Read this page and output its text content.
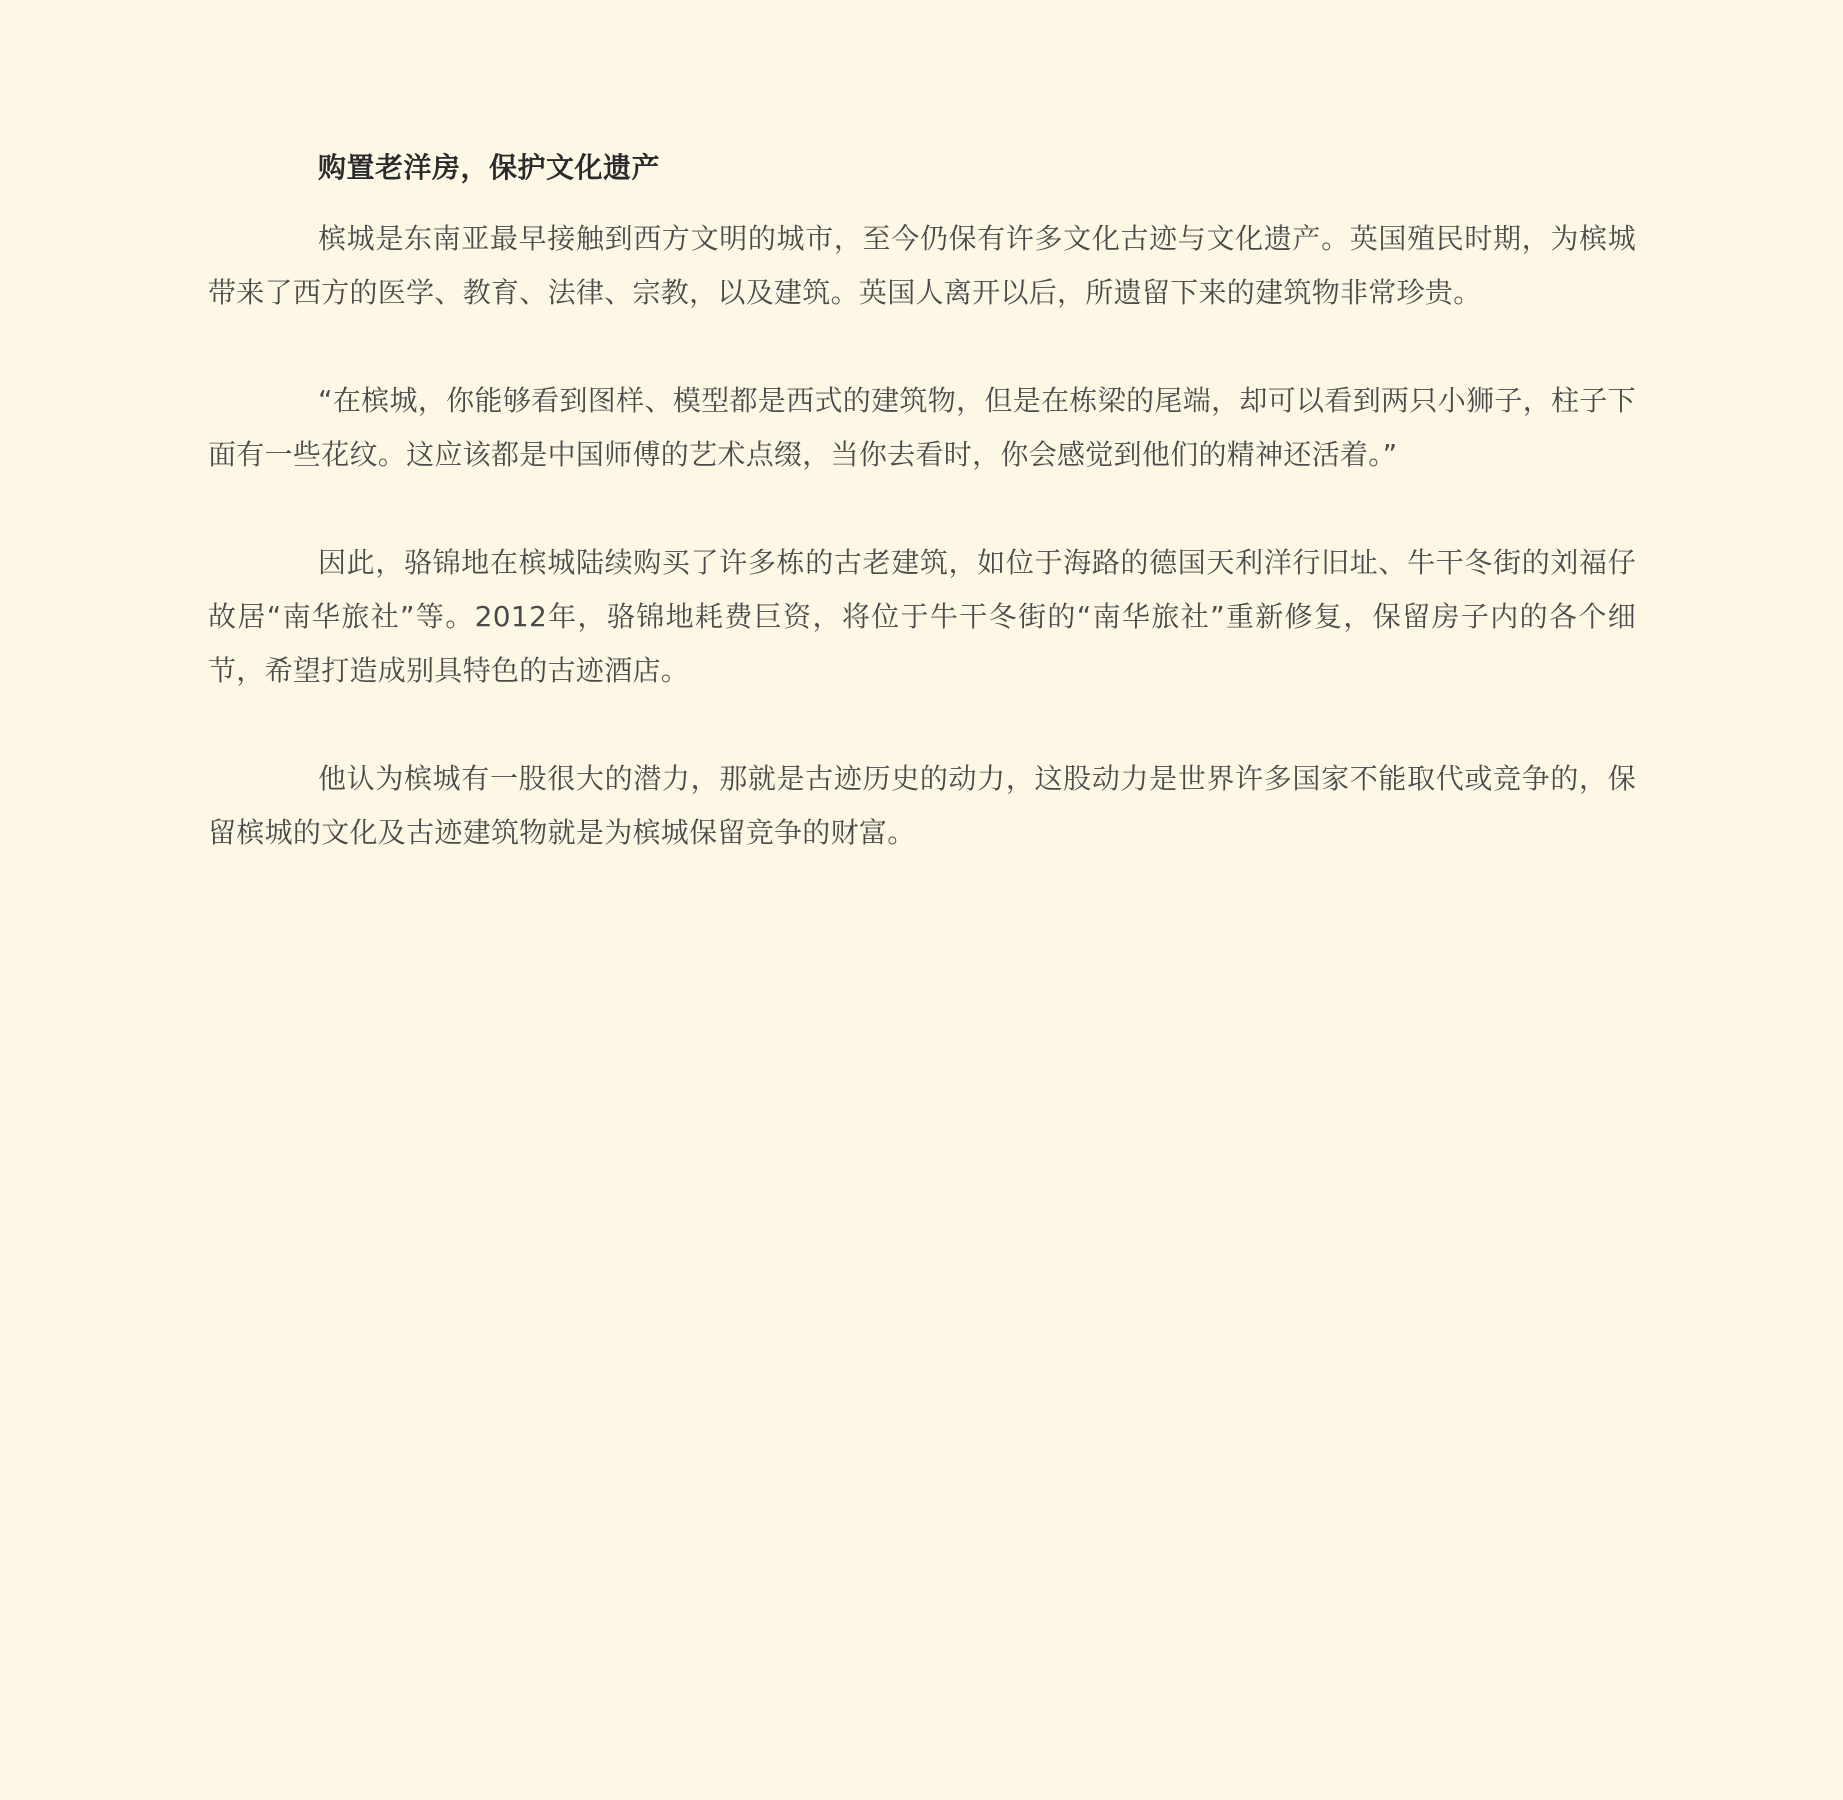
购置老洋房，保护文化遗产

槟城是东南亚最早接触到西方文明的城市，至今仍保有许多文化古迹与文化遗产。英国殖民时期，为槟城带来了西方的医学、教育、法律、宗教，以及建筑。英国人离开以后，所遗留下来的建筑物非常珍贵。

“在槟城，你能够看到图样、模型都是西式的建筑物，但是在栋梁的尾端，却可以看到两只小狮子，柱子下面有一些花纹。这应该都是中国师傅的艺术点缀，当你去看时，你会感觉到他们的精神还活着。”

因此，骆锦地在槟城陆续购买了许多栋的古老建筑，如位于海路的德国天利洋行旧址、牛干冬街的刘福仔故居“南华旅社”等。2012年，骆锦地耗费巨资，将位于牛干冬街的“南华旅社”重新修复，保留房子内的各个细节，希望打造成别具特色的古迹酒店。

他认为槟城有一股很大的潜力，那就是古迹历史的动力，这股动力是世界许多国家不能取代或竞争的，保留槟城的文化及古迹建筑物就是为槟城保留竞争的财富。
